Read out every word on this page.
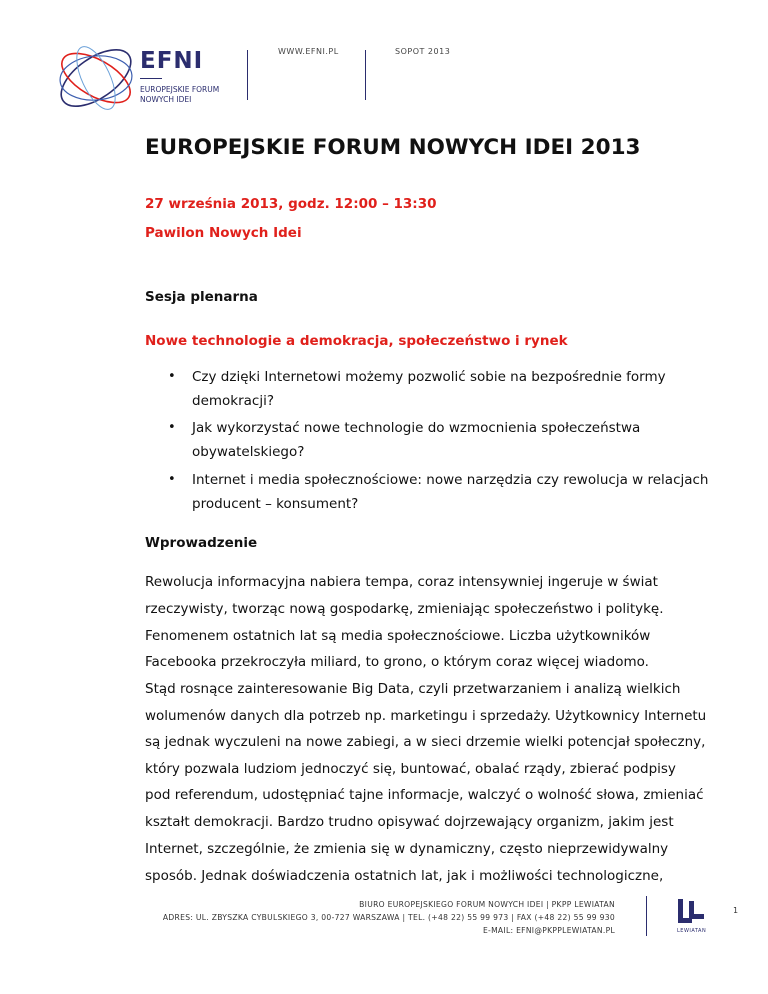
EFNI
EUROPEJSKIE FORUM
NOWYCH IDEI
WWW.EFNI.PL	SOPOT 2013
EUROPEJSKIE FORUM NOWYCH IDEI 2013
27 września 2013, godz. 12:00 – 13:30
Pawilon Nowych Idei
Sesja plenarna
Nowe technologie a demokracja, społeczeństwo i rynek
• Czy dzięki Internetowi możemy pozwolić sobie na bezpośrednie formy
demokracji?
• Jak wykorzystać nowe technologie do wzmocnienia społeczeństwa
obywatelskiego?
• Internet i media społecznościowe: nowe narzędzia czy rewolucja w relacjach
producent – konsument?
Wprowadzenie
Rewolucja informacyjna nabiera tempa, coraz intensywniej ingeruje w świat
rzeczywisty, tworząc nową gospodarkę, zmieniając społeczeństwo i politykę.
Fenomenem ostatnich lat są media społecznościowe. Liczba użytkowników
Facebooka przekroczyła miliard, to grono, o którym coraz więcej wiadomo.
Stąd rosnące zainteresowanie Big Data, czyli przetwarzaniem i analizą wielkich
wolumenów danych dla potrzeb np. marketingu i sprzedaży. Użytkownicy Internetu
są jednak wyczuleni na nowe zabiegi, a w sieci drzemie wielki potencjał społeczny,
który pozwala ludziom jednoczyć się, buntować, obalać rządy, zbierać podpisy
pod referendum, udostępniać tajne informacje, walczyć o wolność słowa, zmieniać
kształt demokracji. Bardzo trudno opisywać dojrzewający organizm, jakim jest
Internet, szczególnie, że zmienia się w dynamiczny, często nieprzewidywalny
sposób. Jednak doświadczenia ostatnich lat, jak i możliwości technologiczne,
BIURO EUROPEJSKIEGO FORUM NOWYCH IDEI | PKPP LEWIATAN
ADRES: UL. ZBYSZKA CYBULSKIEGO 3, 00-727 WARSZAWA | TEL. (+48 22) 55 99 973 | FAX (+48 22) 55 99 930
E-MAIL: EFNI@PKPPLEWIATAN.PL	LEWIATAN
1
